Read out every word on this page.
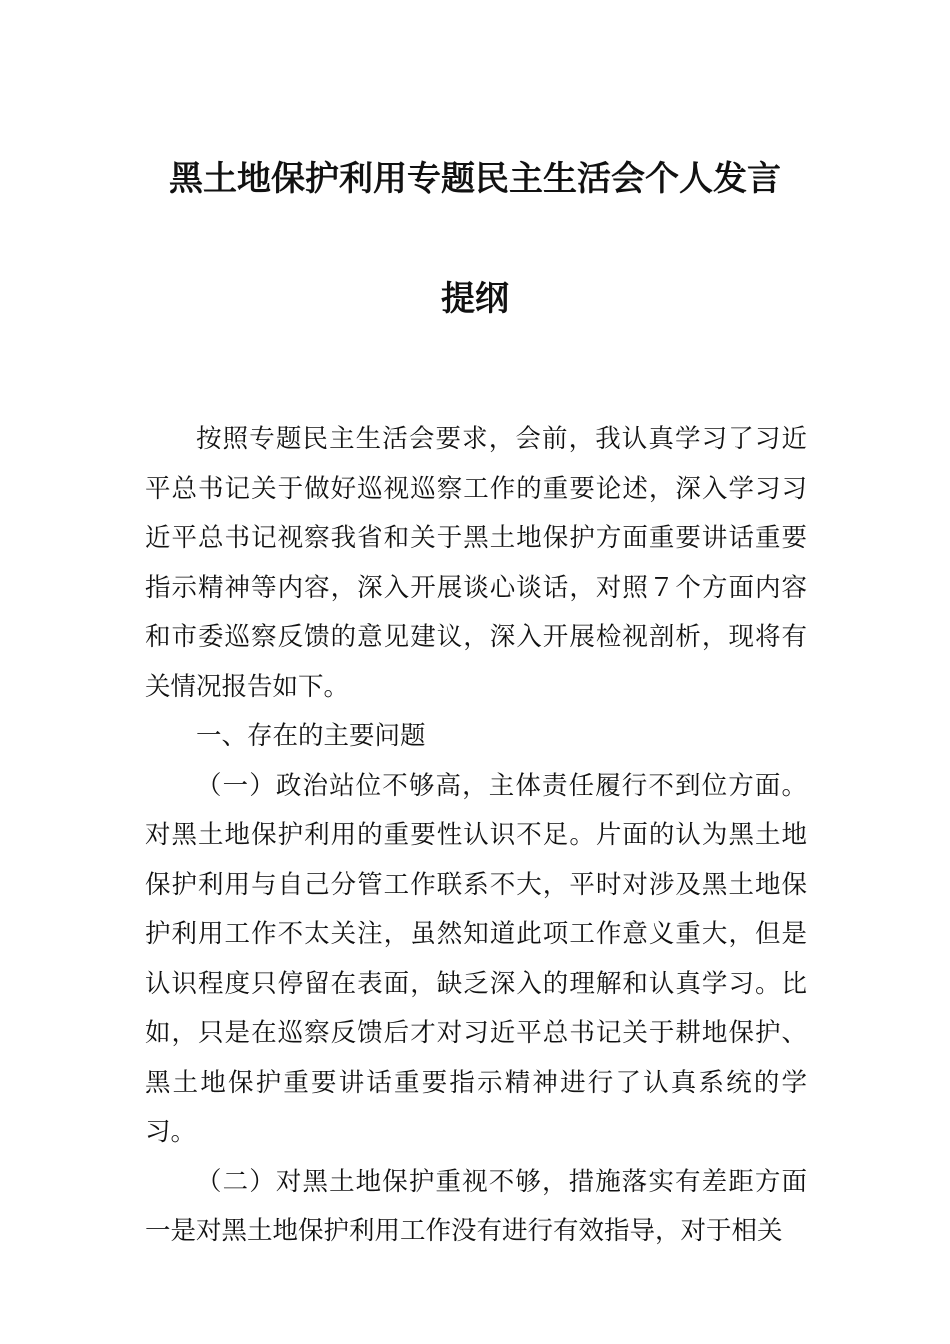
黑土地保护利用专题民主生活会个人发言
提纲

按照专题民主生活会要求，会前，我认真学习了习近平总书记关于做好巡视巡察工作的重要论述，深入学习习近平总书记视察我省和关于黑土地保护方面重要讲话重要指示精神等内容，深入开展谈心谈话，对照７个方面内容和市委巡察反馈的意见建议，深入开展检视剖析，现将有关情况报告如下。

一、存在的主要问题

（一）政治站位不够高，主体责任履行不到位方面。对黑土地保护利用的重要性认识不足。片面的认为黑土地保护利用与自己分管工作联系不大，平时对涉及黑土地保护利用工作不太关注，虽然知道此项工作意义重大，但是认识程度只停留在表面，缺乏深入的理解和认真学习。比如，只是在巡察反馈后才对习近平总书记关于耕地保护、黑土地保护重要讲话重要指示精神进行了认真系统的学习。

（二）对黑土地保护重视不够，措施落实有差距方面一是对黑土地保护利用工作没有进行有效指导，对于相关
